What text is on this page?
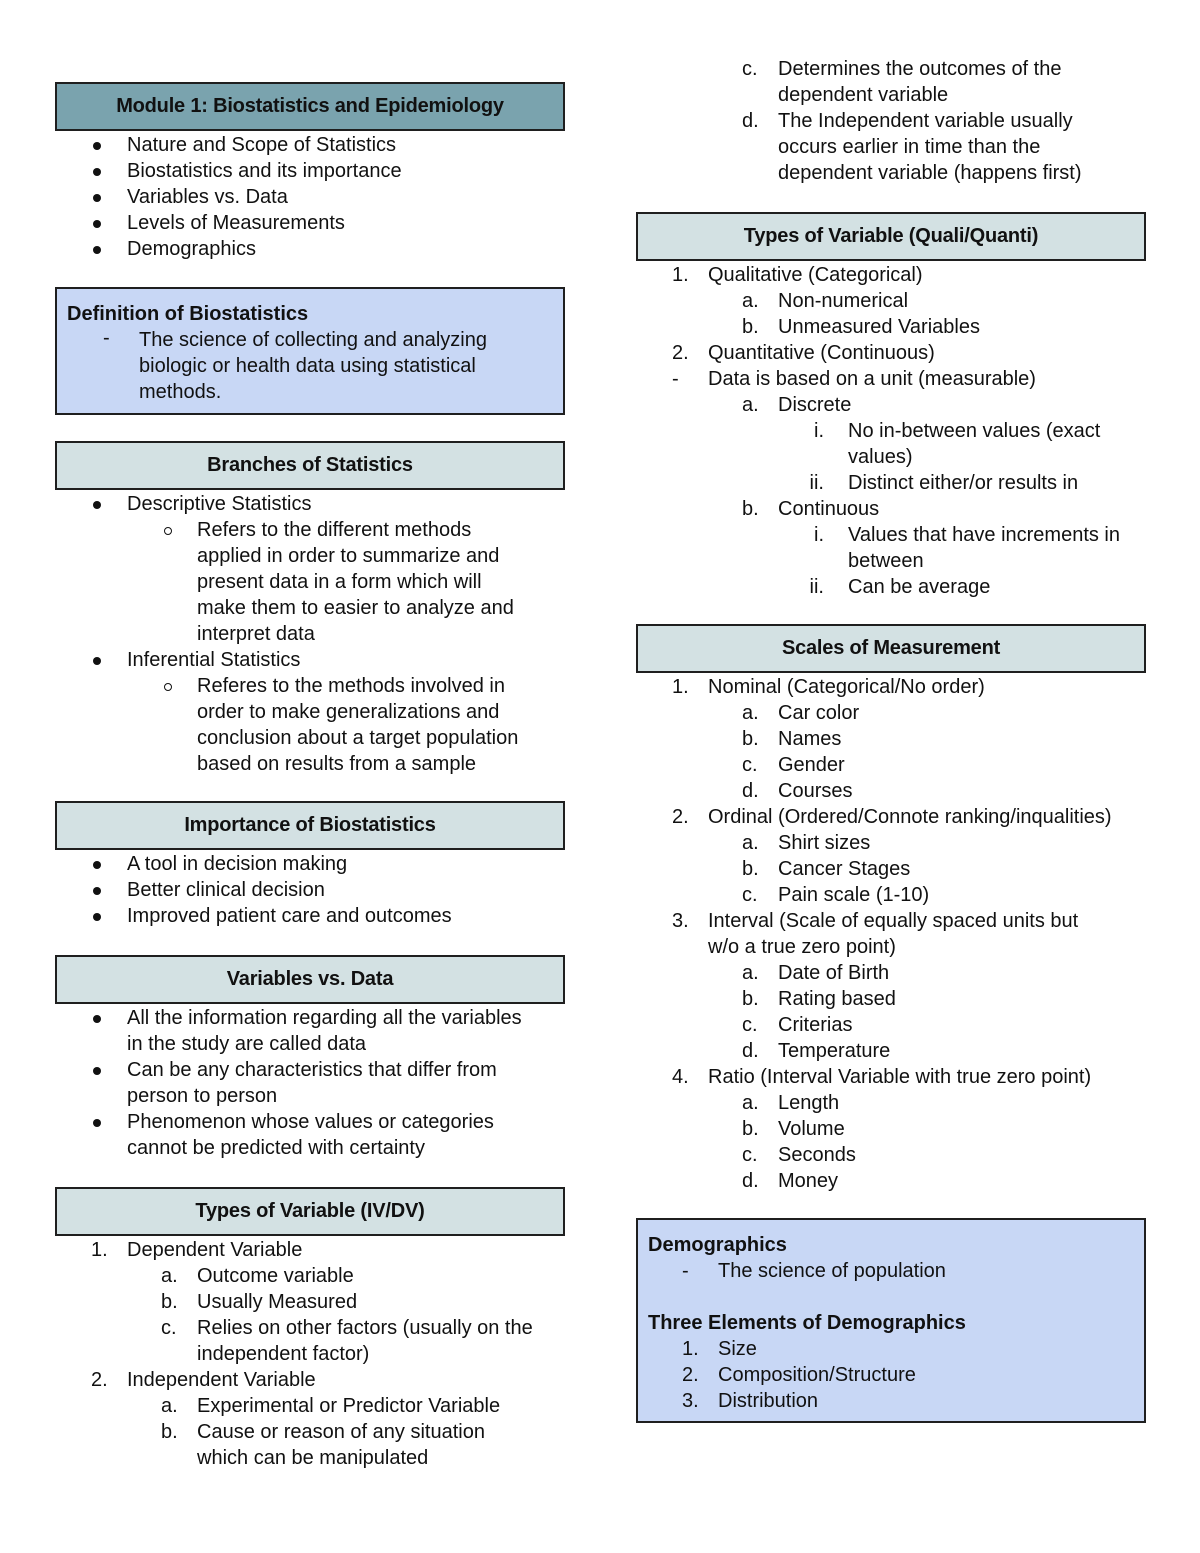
Module 1: Biostatistics and Epidemiology
Nature and Scope of Statistics
Biostatistics and its importance
Variables vs. Data
Levels of Measurements
Demographics
Definition of Biostatistics
- The science of collecting and analyzing
biologic or health data using statistical
methods.
Branches of Statistics
Descriptive Statistics
Refers to the different methods
applied in order to summarize and
present data in a form which will
make them to easier to analyze and
interpret data
Inferential Statistics
Referes to the methods involved in
order to make generalizations and
conclusion about a target population
based on results from a sample
Importance of Biostatistics
A tool in decision making
Better clinical decision
Improved patient care and outcomes
Variables vs. Data
All the information regarding all the variables
in the study are called data
Can be any characteristics that differ from
person to person
Phenomenon whose values or categories
cannot be predicted with certainty
Types of Variable (IV/DV)
1. Dependent Variable
a. Outcome variable
b. Usually Measured
c. Relies on other factors (usually on the
independent factor)
2. Independent Variable
a. Experimental or Predictor Variable
b. Cause or reason of any situation
which can be manipulated
c. Determines the outcomes of the
dependent variable
d. The Independent variable usually
occurs earlier in time than the
dependent variable (happens first)
Types of Variable (Quali/Quanti)
1. Qualitative (Categorical)
a. Non-numerical
b. Unmeasured Variables
2. Quantitative (Continuous)
- Data is based on a unit (measurable)
a. Discrete
i. No in-between values (exact
values)
ii. Distinct either/or results in
b. Continuous
i. Values that have increments in
between
ii. Can be average
Scales of Measurement
1. Nominal (Categorical/No order)
a. Car color
b. Names
c. Gender
d. Courses
2. Ordinal (Ordered/Connote ranking/inqualities)
a. Shirt sizes
b. Cancer Stages
c. Pain scale (1-10)
3. Interval (Scale of equally spaced units but
w/o a true zero point)
a. Date of Birth
b. Rating based
c. Criterias
d. Temperature
4. Ratio (Interval Variable with true zero point)
a. Length
b. Volume
c. Seconds
d. Money
Demographics
- The science of population
Three Elements of Demographics
1. Size
2. Composition/Structure
3. Distribution
